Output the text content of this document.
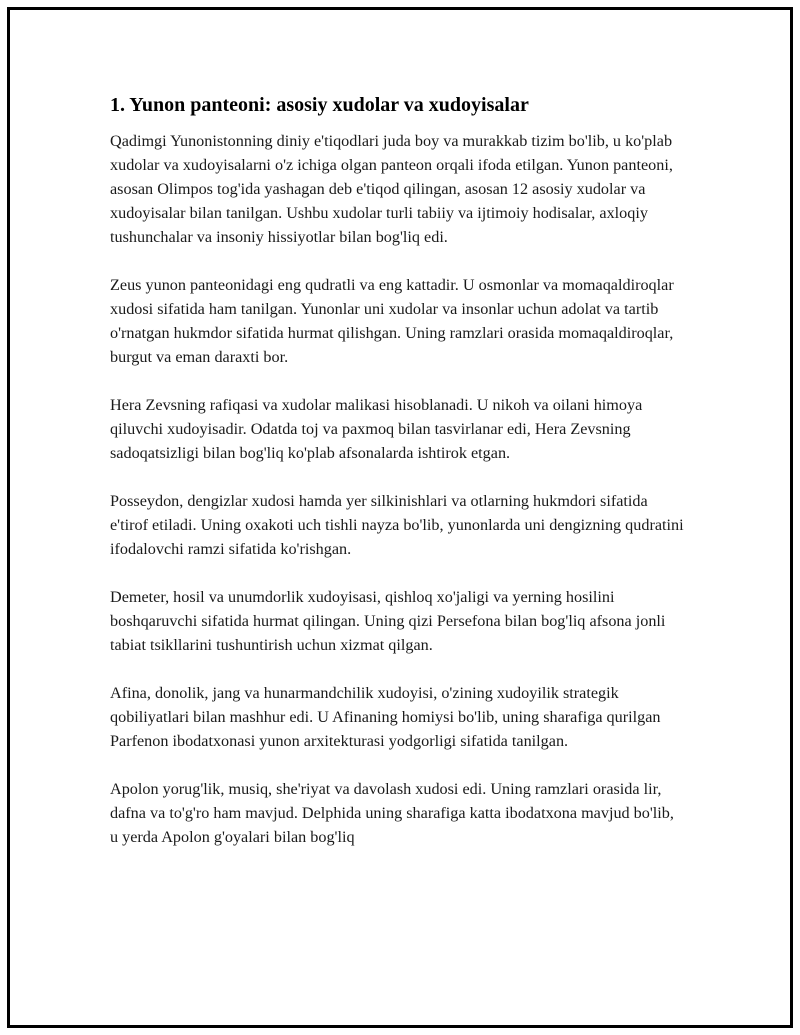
1. Yunon panteoni: asosiy xudolar va xudoyisalar

Qadimgi Yunonistonning diniy e'tiqodlari juda boy va murakkab tizim bo'lib, u ko'plab xudolar va xudoyisalarni o'z ichiga olgan panteon orqali ifoda etilgan. Yunon panteoni, asosan Olimpos tog'ida yashagan deb e'tiqod qilingan, asosan 12 asosiy xudolar va xudoyisalar bilan tanilgan. Ushbu xudolar turli tabiiy va ijtimoiy hodisalar, axloqiy tushunchalar va insoniy hissiyotlar bilan bog'liq edi.

Zeus yunon panteonidagi eng qudratli va eng kattadir. U osmonlar va momaqaldiroqlar xudosi sifatida ham tanilgan. Yunonlar uni xudolar va insonlar uchun adolat va tartib o'rnatgan hukmdor sifatida hurmat qilishgan. Uning ramzlari orasida momaqaldiroqlar, burgut va eman daraxti bor.

Hera Zevsning rafiqasi va xudolar malikasi hisoblanadi. U nikoh va oilani himoya qiluvchi xudoyisadir. Odatda toj va paxmoq bilan tasvirlanar edi, Hera Zevsning sadoqatsizligi bilan bog'liq ko'plab afsonalarda ishtirok etgan.

Posseydon, dengizlar xudosi hamda yer silkinishlari va otlarning hukmdori sifatida e'tirof etiladi. Uning oxakoti uch tishli nayza bo'lib, yunonlarda uni dengizning qudratini ifodalovchi ramzi sifatida ko'rishgan.

Demeter, hosil va unumdorlik xudoyisasi, qishloq xo'jaligi va yerning hosilini boshqaruvchi sifatida hurmat qilingan. Uning qizi Persefona bilan bog'liq afsona jonli tabiat tsikllarini tushuntirish uchun xizmat qilgan.

Afina, donolik, jang va hunarmandchilik xudoyisi, o'zining xudoyilik strategik qobiliyatlari bilan mashhur edi. U Afinaning homiysi bo'lib, uning sharafiga qurilgan Parfenon ibodatxonasi yunon arxitekturasi yodgorligi sifatida tanilgan.

Apolon yorug'lik, musiq, she'riyat va davolash xudosi edi. Uning ramzlari orasida lir, dafna va to'g'ro ham mavjud. Delphida uning sharafiga katta ibodatxona mavjud bo'lib, u yerda Apolon g'oyalari bilan bog'liq
